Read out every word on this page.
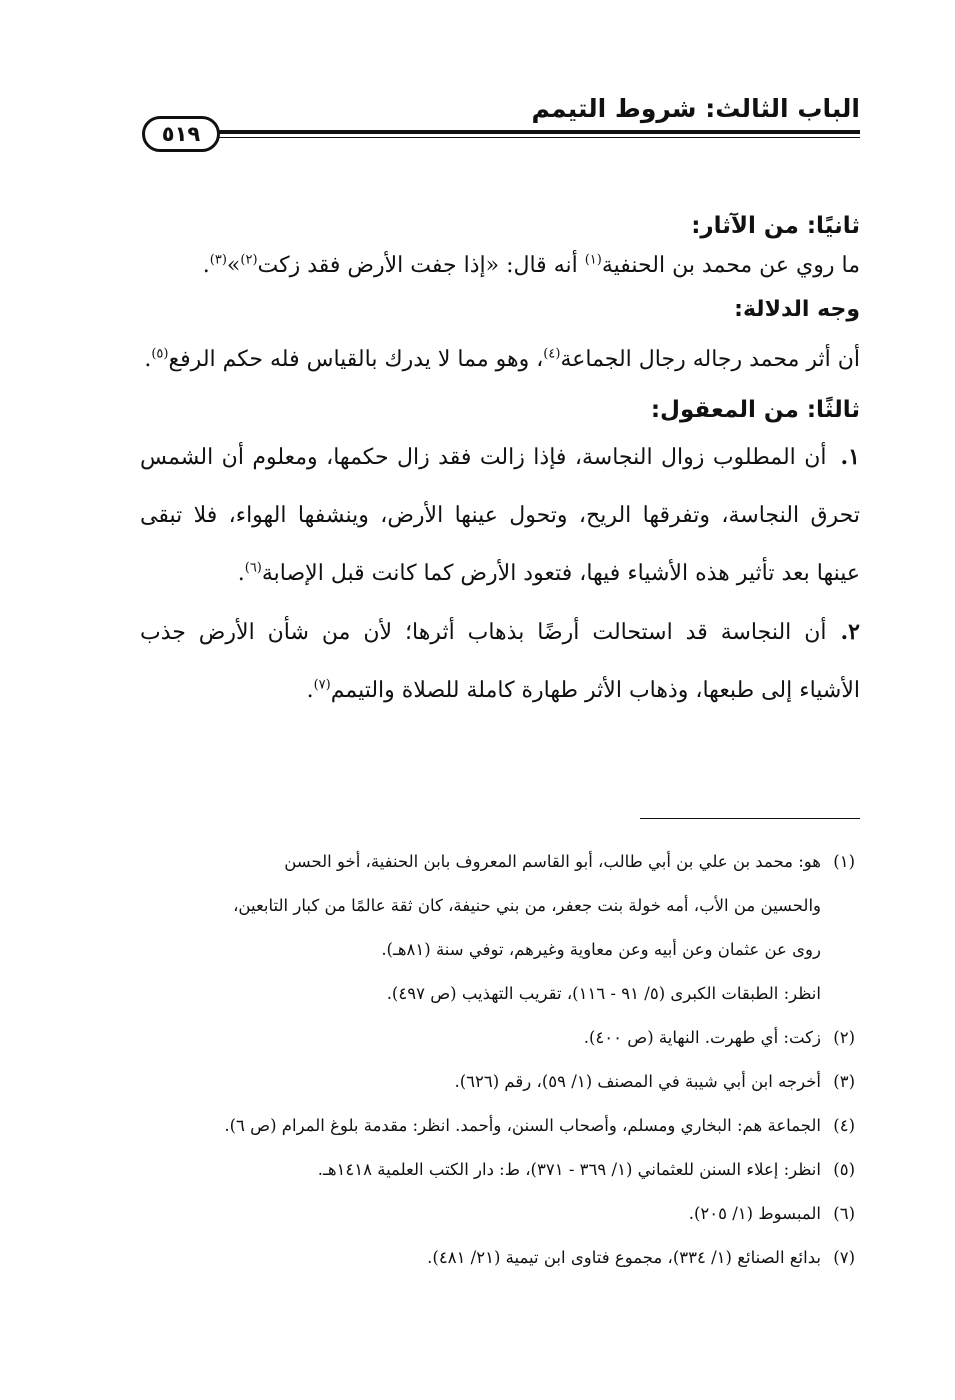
٥١٩
الباب الثالث: شروط التيمم

ثانيًا: من الآثار:

ما روي عن محمد بن الحنفية$^{(١)}$ أنه قال: «إذا جفت الأرض فقد زكت$^{(٢)}$»$^{(٣)}$.

وجه الدلالة:

أن أثر محمد رجاله رجال الجماعة$^{(٤)}$، وهو مما لا يدرك بالقياس فله حكم الرفع$^{(٥)}$.

ثالثًا: من المعقول:

١.أن المطلوب زوال النجاسة، فإذا زالت فقد زال حكمها، ومعلوم أن الشمس تحرق النجاسة، وتفرقها الريح، وتحول عينها الأرض، وينشفها الهواء، فلا تبقى عينها بعد تأثير هذه الأشياء فيها، فتعود الأرض كما كانت قبل الإصابة$^{(٦)}$.

٢.أن النجاسة قد استحالت أرضًا بذهاب أثرها؛ لأن من شأن الأرض جذب الأشياء إلى طبعها، وذهاب الأثر طهارة كاملة للصلاة والتيمم$^{(٧)}$.

(١)هو: محمد بن علي بن أبي طالب، أبو القاسم المعروف بابن الحنفية، أخو الحسن

والحسين من الأب، أمه خولة بنت جعفر، من بني حنيفة، كان ثقة عالمًا من كبار التابعين،

روى عن عثمان وعن أبيه وعن معاوية وغيرهم، توفي سنة (٨١هـ).

انظر: الطبقات الكبرى (٥/ ٩١ - ١١٦)، تقريب التهذيب (ص ٤٩٧).

(٢)زكت: أي طهرت. النهاية (ص ٤٠٠).

(٣)أخرجه ابن أبي شيبة في المصنف (١/ ٥٩)، رقم (٦٢٦).

(٤)الجماعة هم: البخاري ومسلم، وأصحاب السنن، وأحمد. انظر: مقدمة بلوغ المرام (ص ٦).

(٥)انظر: إعلاء السنن للعثماني (١/ ٣٦٩ - ٣٧١)، ط: دار الكتب العلمية ١٤١٨هـ.

(٦)المبسوط (١/ ٢٠٥).

(٧)بدائع الصنائع (١/ ٣٣٤)، مجموع فتاوى ابن تيمية (٢١/ ٤٨١).
